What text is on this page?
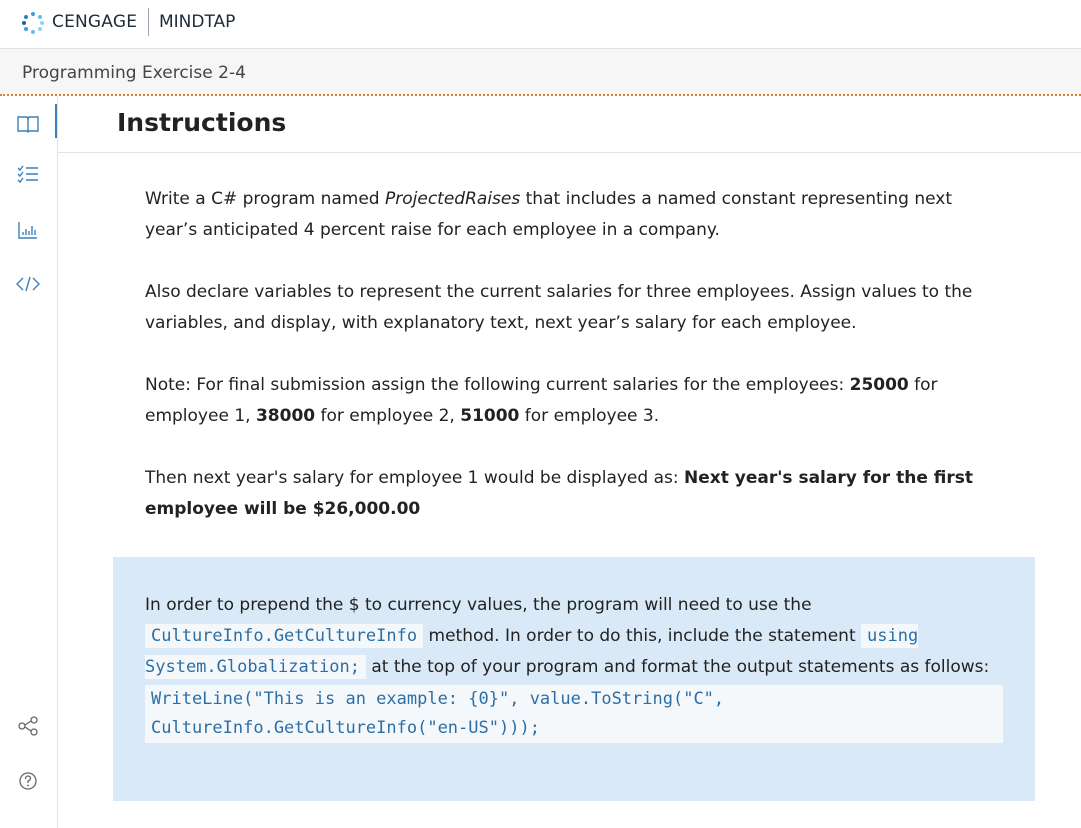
CENGAGE MINDTAP
Programming Exercise 2-4
Instructions

Write a C# program named ProjectedRaises that includes a named constant representing next year’s anticipated 4 percent raise for each employee in a company.

Also declare variables to represent the current salaries for three employees. Assign values to the variables, and display, with explanatory text, next year’s salary for each employee.

Note: For final submission assign the following current salaries for the employees: 25000 for employee 1, 38000 for employee 2, 51000 for employee 3.

Then next year's salary for employee 1 would be displayed as: Next year's salary for the first employee will be $26,000.00

In order to prepend the $ to currency values, the program will need to use the CultureInfo.GetCultureInfo method. In order to do this, include the statement using System.Globalization; at the top of your program and format the output statements as follows:

WriteLine("This is an example: {0}", value.ToString("C",
CultureInfo.GetCultureInfo("en-US")));
